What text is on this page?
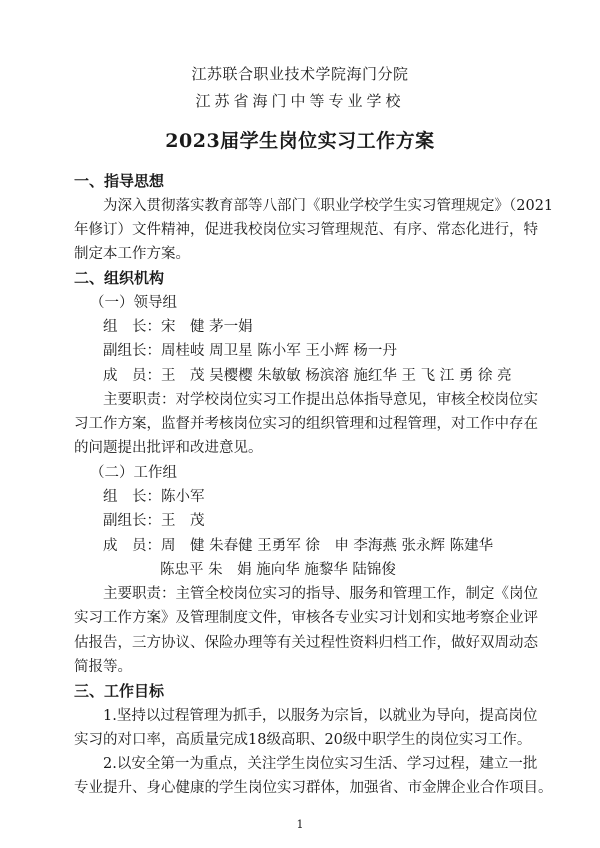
江苏联合职业技术学院海门分院
江苏省海门中等专业学校
2023届学生岗位实习工作方案
一、指导思想
为深入贯彻落实教育部等八部门《职业学校学生实习管理规定》（2021
年修订）文件精神，促进我校岗位实习管理规范、有序、常态化进行，特
制定本工作方案。
二、组织机构
（一）领导组
组　长：宋　健 茅一娟
副组长：周桂岐 周卫星 陈小军 王小辉 杨一丹
成　员：王　茂 吴樱樱 朱敏敏 杨滨溶 施红华 王 飞 江 勇 徐 亮
主要职责：对学校岗位实习工作提出总体指导意见，审核全校岗位实
习工作方案，监督并考核岗位实习的组织管理和过程管理，对工作中存在
的问题提出批评和改进意见。
（二）工作组
组　长：陈小军
副组长：王　茂
成　员：周　健 朱春健 王勇军 徐　申 李海燕 张永辉 陈建华
陈忠平 朱　娟 施向华 施黎华 陆锦俊
主要职责：主管全校岗位实习的指导、服务和管理工作，制定《岗位
实习工作方案》及管理制度文件，审核各专业实习计划和实地考察企业评
估报告，三方协议、保险办理等有关过程性资料归档工作，做好双周动态
简报等。
三、工作目标
1.坚持以过程管理为抓手，以服务为宗旨，以就业为导向，提高岗位
实习的对口率，高质量完成18级高职、20级中职学生的岗位实习工作。
2.以安全第一为重点，关注学生岗位实习生活、学习过程，建立一批
专业提升、身心健康的学生岗位实习群体，加强省、市金牌企业合作项目。
1
